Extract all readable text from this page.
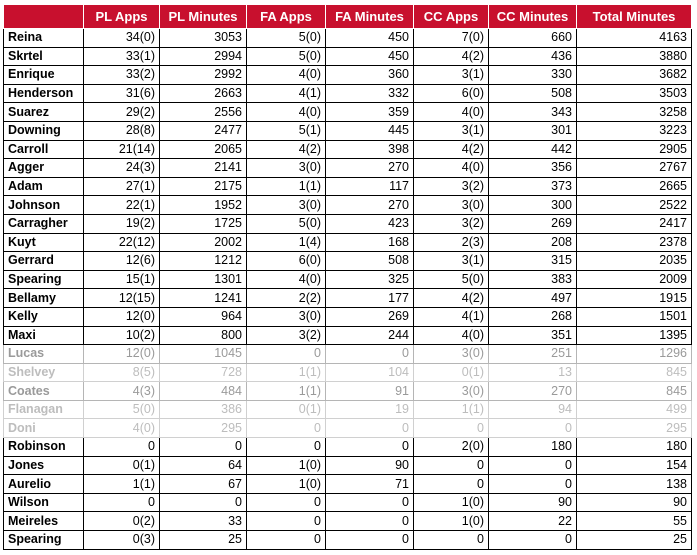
	PL Apps	PL Minutes	FA Apps	FA Minutes	CC Apps	CC Minutes	Total Minutes
Reina	34(0)	3053	5(0)	450	7(0)	660	4163
Skrtel	33(1)	2994	5(0)	450	4(2)	436	3880
Enrique	33(2)	2992	4(0)	360	3(1)	330	3682
Henderson	31(6)	2663	4(1)	332	6(0)	508	3503
Suarez	29(2)	2556	4(0)	359	4(0)	343	3258
Downing	28(8)	2477	5(1)	445	3(1)	301	3223
Carroll	21(14)	2065	4(2)	398	4(2)	442	2905
Agger	24(3)	2141	3(0)	270	4(0)	356	2767
Adam	27(1)	2175	1(1)	117	3(2)	373	2665
Johnson	22(1)	1952	3(0)	270	3(0)	300	2522
Carragher	19(2)	1725	5(0)	423	3(2)	269	2417
Kuyt	22(12)	2002	1(4)	168	2(3)	208	2378
Gerrard	12(6)	1212	6(0)	508	3(1)	315	2035
Spearing	15(1)	1301	4(0)	325	5(0)	383	2009
Bellamy	12(15)	1241	2(2)	177	4(2)	497	1915
Kelly	12(0)	964	3(0)	269	4(1)	268	1501
Maxi	10(2)	800	3(2)	244	4(0)	351	1395
Lucas	12(0)	1045	0	0	3(0)	251	1296
Shelvey	8(5)	728	1(1)	104	0(1)	13	845
Coates	4(3)	484	1(1)	91	3(0)	270	845
Flanagan	5(0)	386	0(1)	19	1(1)	94	499
Doni	4(0)	295	0	0	0	0	295
Robinson	0	0	0	0	2(0)	180	180
Jones	0(1)	64	1(0)	90	0	0	154
Aurelio	1(1)	67	1(0)	71	0	0	138
Wilson	0	0	0	0	1(0)	90	90
Meireles	0(2)	33	0	0	1(0)	22	55
Spearing	0(3)	25	0	0	0	0	25
